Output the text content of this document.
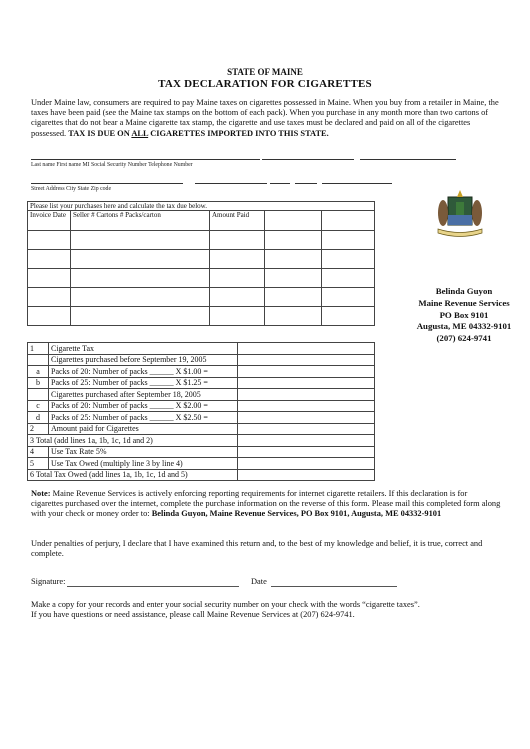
STATE OF MAINE
TAX DECLARATION FOR CIGARETTES
Under Maine law, consumers are required to pay Maine taxes on cigarettes possessed in Maine. When you buy from a retailer in Maine, the taxes have been paid (see the Maine tax stamps on the bottom of each pack). When you purchase in any month more than two cartons of cigarettes that do not bear a Maine cigarette tax stamp, the cigarette and use taxes must be declared and paid on all of the cigarettes possessed. TAX IS DUE ON ALL CIGARETTES IMPORTED INTO THIS STATE.
Last name First name MI Social Security Number Telephone Number
Street Address City State Zip code
Please list your purchases here and calculate the tax due below.				
Invoice Date	Seller # Cartons # Packs/carton	Amount Paid		

1	Cigarette Tax	
	Cigarettes purchased before September 19, 2005	
a	Packs of 20: Number of packs ______ X $1.00 =	
b	Packs of 25: Number of packs ______ X $1.25 =	
	Cigarettes purchased after September 18, 2005	
c	Packs of 20: Number of packs ______ X $2.00 =	
d	Packs of 25: Number of packs ______ X $2.50 =	
2	Amount paid for Cigarettes	
3 Total (add lines 1a, 1b, 1c, 1d and 2)		
4	Use Tax Rate 5%	
5	Use Tax Owed (multiply line 3 by line 4)	
6 Total Tax Owed (add lines 1a, 1b, 1c, 1d and 5)		
Belinda Guyon
Maine Revenue Services
PO Box 9101
Augusta, ME 04332-9101
(207) 624-9741
Note: Maine Revenue Services is actively enforcing reporting requirements for internet cigarette retailers. If this declaration is for cigarettes purchased over the internet, complete the purchase information on the reverse of this form. Please mail this completed form along with your check or money order to: Belinda Guyon, Maine Revenue Services, PO Box 9101, Augusta, ME 04332-9101
Under penalties of perjury, I declare that I have examined this return and, to the best of my knowledge and belief, it is true, correct and complete.
Signature:	Date
Make a copy for your records and enter your social security number on your check with the words “cigarette taxes”.
If you have questions or need assistance, please call Maine Revenue Services at (207) 624-9741.
